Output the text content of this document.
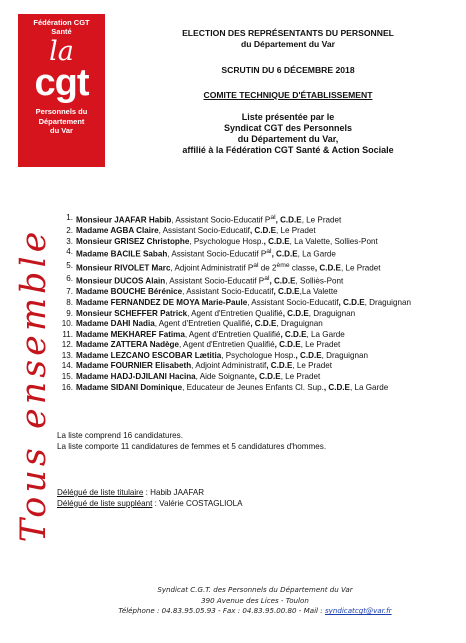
Fédération CGT
Santé
la
cgt
Personnels du
Département
du Var
Tous ensemble
ELECTION DES REPRÉSENTANTS DU PERSONNEL
du Département du Var
SCRUTIN DU 6 DÉCEMBRE 2018
COMITE TECHNIQUE D'ÉTABLISSEMENT
Liste présentée par le
Syndicat CGT des Personnels
du Département du Var,
affilié à la Fédération CGT Santé & Action Sociale
1. Monsieur JAAFAR Habib, Assistant Socio-Educatif $P^{al}$, C.D.E, Le Pradet
2. Madame AGBA Claire, Assistant Socio-Educatif, C.D.E, Le Pradet
3. Monsieur GRISEZ Christophe, Psychologue Hosp., C.D.E, La Valette, Sollies-Pont
4. Madame BACILE Sabah, Assistant Socio-Educatif $P^{al}$, C.D.E, La Garde
5. Monsieur RIVOLET Marc, Adjoint Administratif $P^{al}$ de 2ème classe, C.D.E, Le Pradet
6. Monsieur DUCOS Alain, Assistant Socio-Educatif $P^{al}$, C.D.E, Solliès-Pont
7. Madame BOUCHE Bérénice, Assistant Socio-Educatif, C.D.E,La Valette
8. Madame FERNANDEZ DE MOYA Marie-Paule, Assistant Socio-Educatif, C.D.E, Draguignan
9. Monsieur SCHEFFER Patrick, Agent d'Entretien Qualifié, C.D.E, Draguignan
10. Madame DAHI Nadia, Agent d'Entretien Qualifié, C.D.E, Draguignan
11. Madame MEKHAREF Fatima, Agent d'Entretien Qualifié, C.D.E, La Garde
12. Madame ZATTERA Nadège, Agent d'Entretien Qualifié, C.D.E, Le Pradet
13. Madame LEZCANO ESCOBAR Lætitia, Psychologue Hosp., C.D.E, Draguignan
14. Madame FOURNIER Elisabeth, Adjoint Administratif, C.D.E, Le Pradet
15. Madame HADJ-DJILANI Hacina, Aide Soignante, C.D.E, Le Pradet
16. Madame SIDANI Dominique, Educateur de Jeunes Enfants Cl. Sup., C.D.E, La Garde
La liste comprend 16 candidatures.
La liste comporte 11 candidatures de femmes et 5 candidatures d'hommes.
Délégué de liste titulaire : Habib JAAFAR
Délégué de liste suppléant : Valérie COSTAGLIOLA
Syndicat C.G.T. des Personnels du Département du Var
390 Avenue des Lices - Toulon
Téléphone : 04.83.95.05.93 - Fax : 04.83.95.00.80 - Mail : syndicatcgt@var.fr
